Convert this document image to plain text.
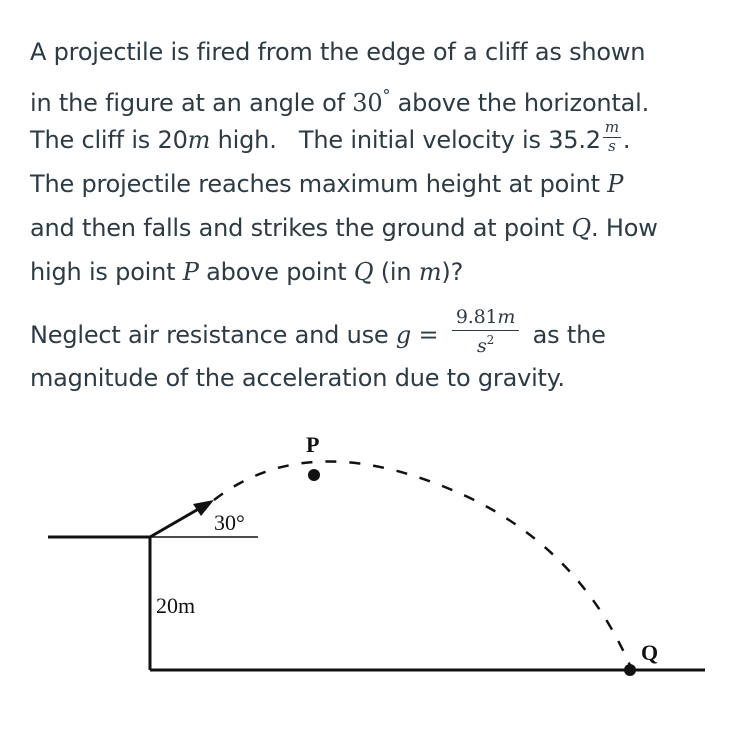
A projectile is fired from the edge of a cliff as shown
in the figure at an angle of 30° above the horizontal.
The cliff is 20m high.   The initial velocity is $35.2 \frac{m}{s}$ .
The projectile reaches maximum height at point P
and then falls and strikes the ground at point Q. How
high is point P above point Q (in m)?
Neglect air resistance and use $g = \frac{9.81m}{s^2}$ as the
magnitude of the acceleration due to gravity.
P
Q
30°
20m
